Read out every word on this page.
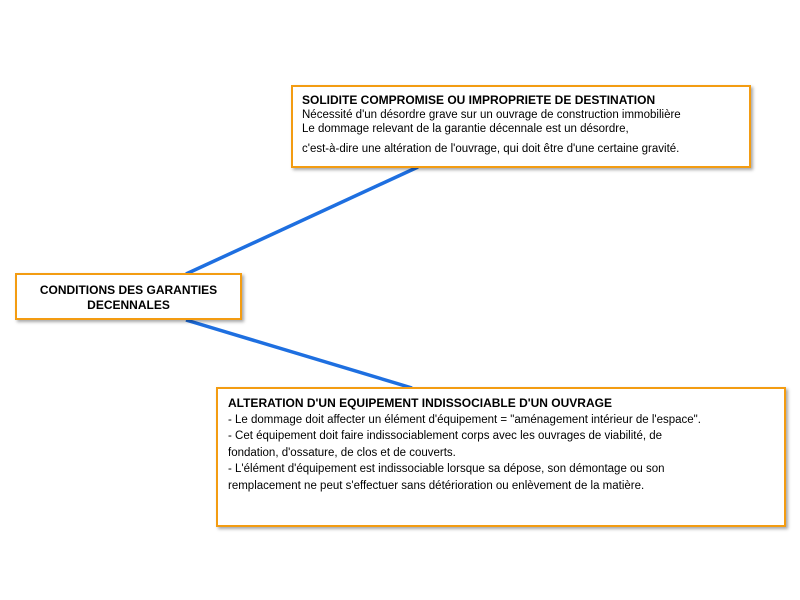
SOLIDITE COMPROMISE OU IMPROPRIETE DE DESTINATION
Nécessité d'un désordre grave sur un ouvrage de construction immobilière
Le dommage relevant de la garantie décennale est un désordre,
c'est-à-dire une altération de l'ouvrage, qui doit être d'une certaine gravité.
CONDITIONS DES GARANTIES
DECENNALES
ALTERATION D'UN EQUIPEMENT INDISSOCIABLE D'UN OUVRAGE
- Le dommage doit affecter un élément d'équipement = "aménagement intérieur de l'espace".
- Cet équipement doit faire indissociablement corps avec les ouvrages de viabilité, de
fondation, d'ossature, de clos et de couverts.
- L'élément d'équipement est indissociable lorsque sa dépose, son démontage ou son
remplacement ne peut s'effectuer sans détérioration ou enlèvement de la matière.
